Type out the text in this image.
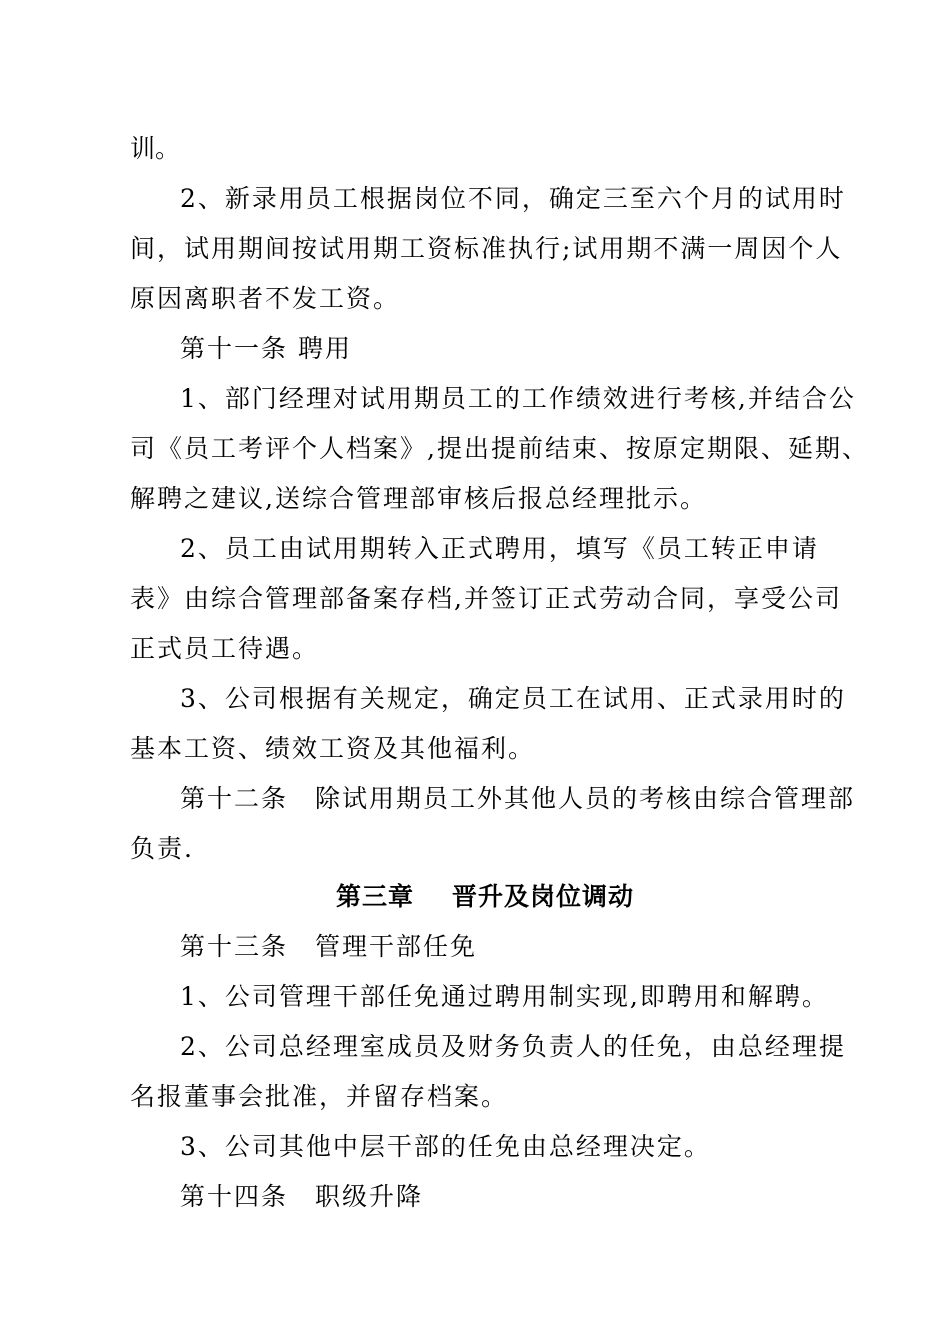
训。
2、新录用员工根据岗位不同，确定三至六个月的试用时
间，试用期间按试用期工资标准执行;试用期不满一周因个人
原因离职者不发工资。
第十一条 聘用
1、部门经理对试用期员工的工作绩效进行考核,并结合公
司《员工考评个人档案》,提出提前结束、按原定期限、延期、
解聘之建议,送综合管理部审核后报总经理批示。
2、员工由试用期转入正式聘用，填写《员工转正申请
表》由综合管理部备案存档,并签订正式劳动合同，享受公司
正式员工待遇。
3、公司根据有关规定，确定员工在试用、正式录用时的
基本工资、绩效工资及其他福利。
第十二条　除试用期员工外其他人员的考核由综合管理部
负责.
第三章 晋升及岗位调动
第十三条　管理干部任免
1、公司管理干部任免通过聘用制实现,即聘用和解聘。
2、公司总经理室成员及财务负责人的任免，由总经理提
名报董事会批准，并留存档案。
3、公司其他中层干部的任免由总经理决定。
第十四条　职级升降
